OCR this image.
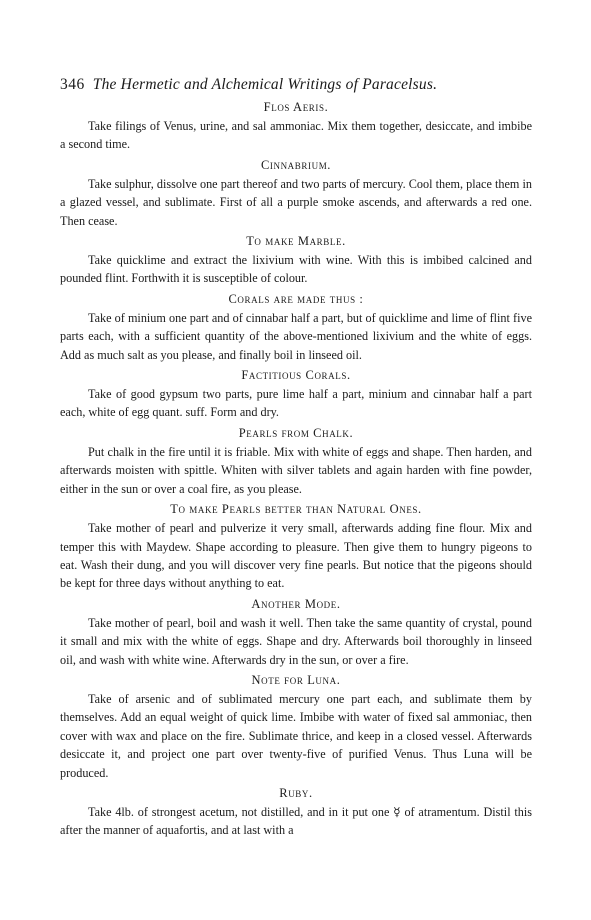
346 The Hermetic and Alchemical Writings of Paracelsus.
Flos Aeris.

Take filings of Venus, urine, and sal ammoniac. Mix them together, desiccate, and imbibe a second time.

Cinnabrium.

Take sulphur, dissolve one part thereof and two parts of mercury. Cool them, place them in a glazed vessel, and sublimate. First of all a purple smoke ascends, and afterwards a red one. Then cease.

To make Marble.

Take quicklime and extract the lixivium with wine. With this is imbibed calcined and pounded flint. Forthwith it is susceptible of colour.

Corals are made thus :

Take of minium one part and of cinnabar half a part, but of quicklime and lime of flint five parts each, with a sufficient quantity of the above-mentioned lixivium and the white of eggs. Add as much salt as you please, and finally boil in linseed oil.

Factitious Corals.

Take of good gypsum two parts, pure lime half a part, minium and cinnabar half a part each, white of egg quant. suff. Form and dry.

Pearls from Chalk.

Put chalk in the fire until it is friable. Mix with white of eggs and shape. Then harden, and afterwards moisten with spittle. Whiten with silver tablets and again harden with fine powder, either in the sun or over a coal fire, as you please.

To make Pearls better than Natural Ones.

Take mother of pearl and pulverize it very small, afterwards adding fine flour. Mix and temper this with Maydew. Shape according to pleasure. Then give them to hungry pigeons to eat. Wash their dung, and you will discover very fine pearls. But notice that the pigeons should be kept for three days without anything to eat.

Another Mode.

Take mother of pearl, boil and wash it well. Then take the same quantity of crystal, pound it small and mix with the white of eggs. Shape and dry. Afterwards boil thoroughly in linseed oil, and wash with white wine. Afterwards dry in the sun, or over a fire.

Note for Luna.

Take of arsenic and of sublimated mercury one part each, and sublimate them by themselves. Add an equal weight of quick lime. Imbibe with water of fixed sal ammoniac, then cover with wax and place on the fire. Sublimate thrice, and keep in a closed vessel. Afterwards desiccate it, and project one part over twenty-five of purified Venus. Thus Luna will be produced.

Ruby.

Take 4lb. of strongest acetum, not distilled, and in it put one ☿ of atramentum. Distil this after the manner of aquafortis, and at last with a
